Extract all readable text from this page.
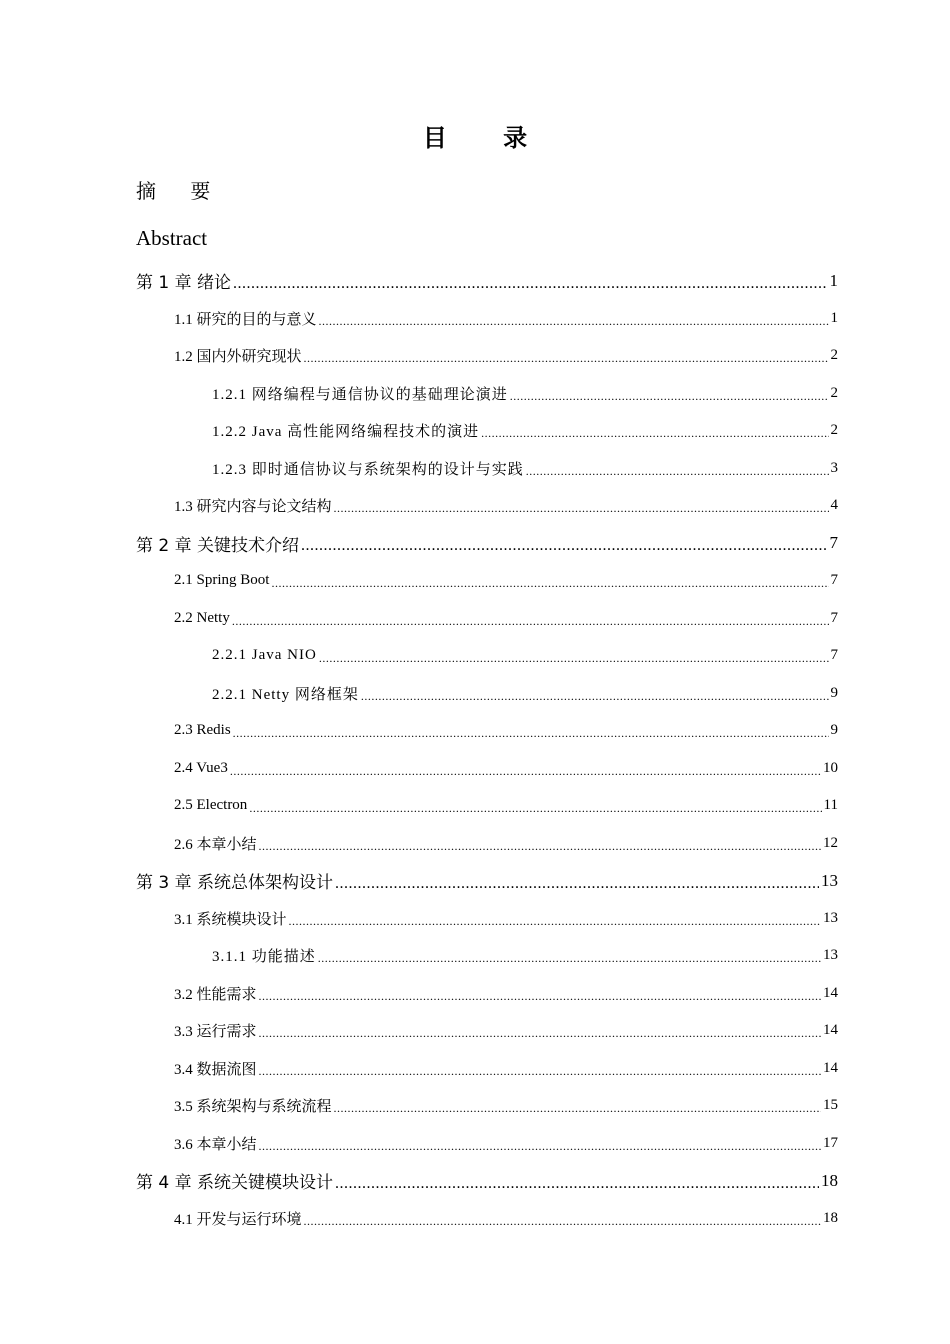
目 录
摘 要
Abstract
第 1 章 绪论 .....	1
1.1 研究的目的与意义 .....	1
1.2 国内外研究现状 .....	2
1.2.1 网络编程与通信协议的基础理论演进 .....	2
1.2.2 Java 高性能网络编程技术的演进 .....	2
1.2.3 即时通信协议与系统架构的设计与实践 .....	3
1.3 研究内容与论文结构 .....	4
第 2 章 关键技术介绍 .....	7
2.1 Spring Boot .....	7
2.2 Netty .....	7
2.2.1 Java NIO .....	7
2.2.1 Netty 网络框架 .....	9
2.3 Redis .....	9
2.4 Vue3 .....	10
2.5 Electron .....	11
2.6 本章小结 .....	12
第 3 章 系统总体架构设计 .....	13
3.1 系统模块设计 .....	13
3.1.1 功能描述 .....	13
3.2 性能需求 .....	14
3.3 运行需求 .....	14
3.4 数据流图 .....	14
3.5 系统架构与系统流程 .....	15
3.6 本章小结 .....	17
第 4 章 系统关键模块设计 .....	18
4.1 开发与运行环境 .....	18
